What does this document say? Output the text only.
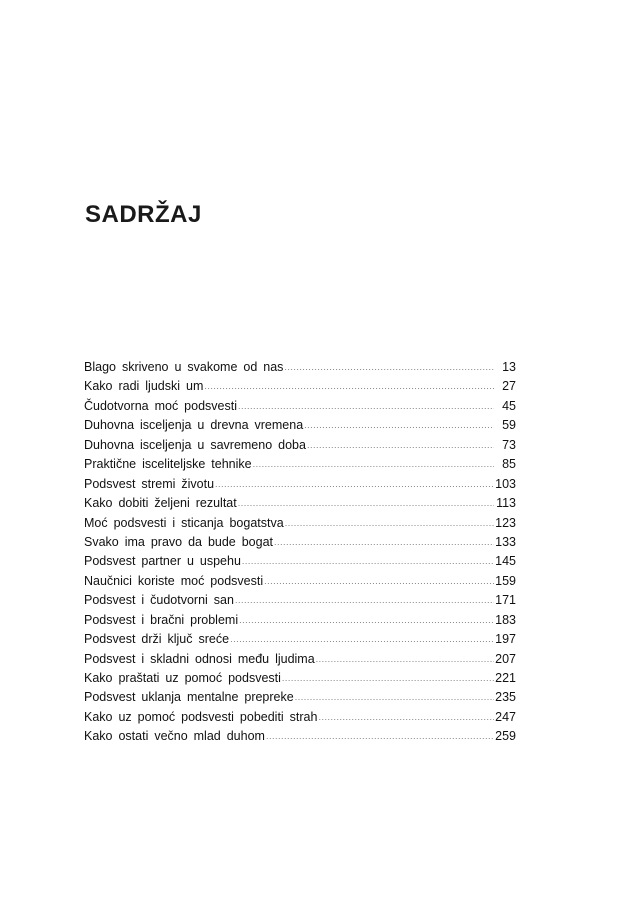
SADRŽAJ
Blago skriveno u svakome od nas .....	13
Kako radi ljudski um .....	27
Čudotvorna moć podsvesti .....	45
Duhovna isceljenja u drevna vremena .....	59
Duhovna isceljenja u savremeno doba .....	73
Praktične isceliteljske tehnike .....	85
Podsvest stremi životu .....	103
Kako dobiti željeni rezultat .....	113
Moć podsvesti i sticanja bogatstva .....	123
Svako ima pravo da bude bogat .....	133
Podsvest partner u uspehu .....	145
Naučnici koriste moć podsvesti .....	159
Podsvest i čudotvorni san .....	171
Podsvest i bračni problemi .....	183
Podsvest drži ključ sreće .....	197
Podsvest i skladni odnosi među ljudima .....	207
Kako praštati uz pomoć podsvesti .....	221
Podsvest uklanja mentalne prepreke .....	235
Kako uz pomoć podsvesti pobediti strah .....	247
Kako ostati večno mlad duhom .....	259
